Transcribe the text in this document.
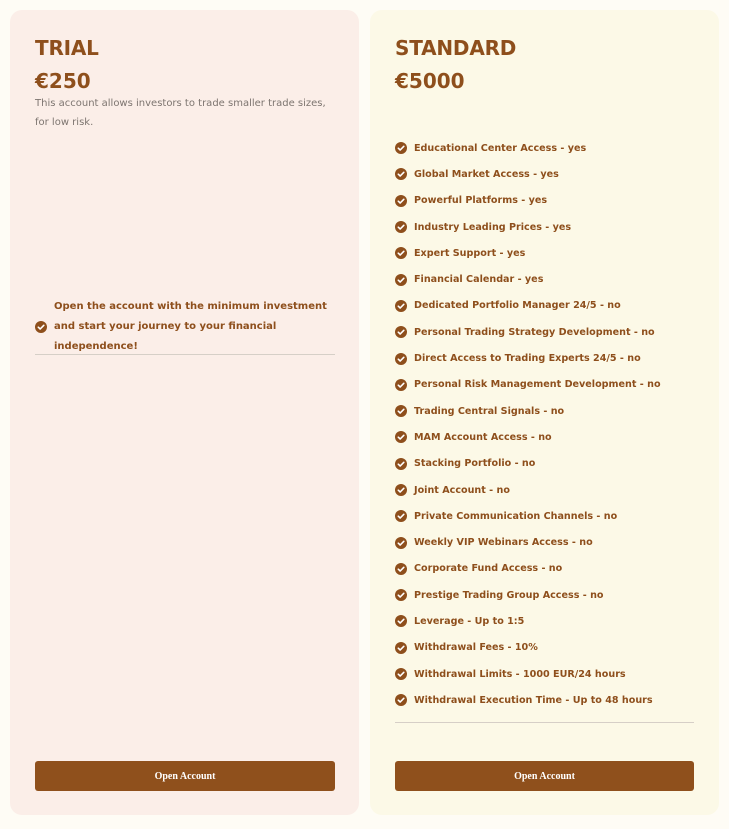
TRIAL
€250
This account allows investors to trade smaller trade sizes, for low risk.
Open the account with the minimum investment and start your journey to your financial independence!
Open Account
STANDARD
€5000
Educational Center Access - yes
Global Market Access - yes
Powerful Platforms - yes
Industry Leading Prices - yes
Expert Support - yes
Financial Calendar - yes
Dedicated Portfolio Manager 24/5 - no
Personal Trading Strategy Development - no
Direct Access to Trading Experts 24/5 - no
Personal Risk Management Development - no
Trading Central Signals - no
MAM Account Access - no
Stacking Portfolio - no
Joint Account - no
Private Communication Channels - no
Weekly VIP Webinars Access - no
Corporate Fund Access - no
Prestige Trading Group Access - no
Leverage - Up to 1:5
Withdrawal Fees - 10%
Withdrawal Limits - 1000 EUR/24 hours
Withdrawal Execution Time - Up to 48 hours
Open Account
